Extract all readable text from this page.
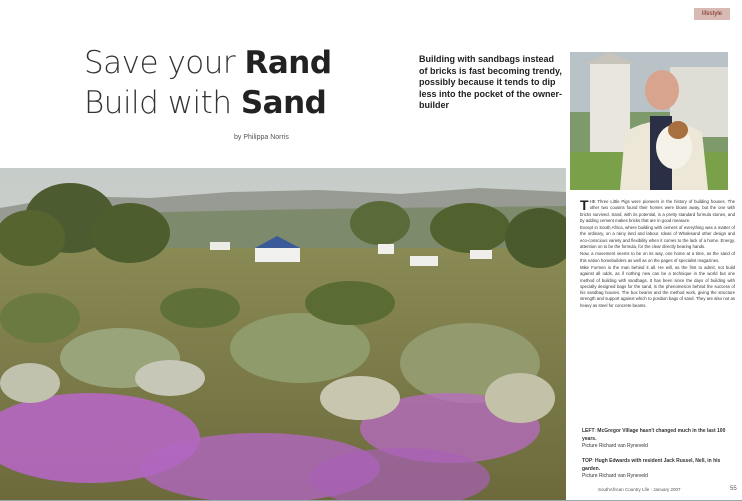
lifestyle
Save your Rand
Build with Sand
by Philippa Norris
Building with sandbags instead of bricks is fast becoming trendy, possibly because it tends to dip less into the pocket of the owner-builder

THE Three Little Pigs were pioneers in the history of building houses. The other two cousins found their homes were blown away, but the one with bricks survived. Sand, with its potential, is a pretty standard formula stones, and by adding cement makes bricks that are in good measure.

Except in South Africa, where building with cement of everything was a matter of the ordinary, on a rainy land and labour. Ideas of Whalesand other design and eco-conscious variety and flexibility when it comes to the lack of a home. Energy, attention on to be the formula, for the clear directly bearing hands.

Now, a movement seems to be on its way, one home at a time, as the sand of this nation homebuilders as well as on the pages of specialist magazines.

Mike Formen is the man behind it all. He will, as the first to admit, not build against all odds, as if nothing new can be a technique in the world but one method of building with sandbags. It has been since the days of building with specially designed bags for the sand, is the phenomenon behind the success of his sandbag houses. The box beams and the method work, giving the structure strength and support against which to position bags of sand. They are also not as heavy as steel for concrete beams.

LEFT: McGregor Village hasn't changed much in the last 100 years.
Picture Richard van Ryneveld
TOP: Hugh Edwards with resident Jack Russel, Nell, in his garden.
Picture Richard van Ryneveld
SouthAfrican Country Life · January 2007	55
